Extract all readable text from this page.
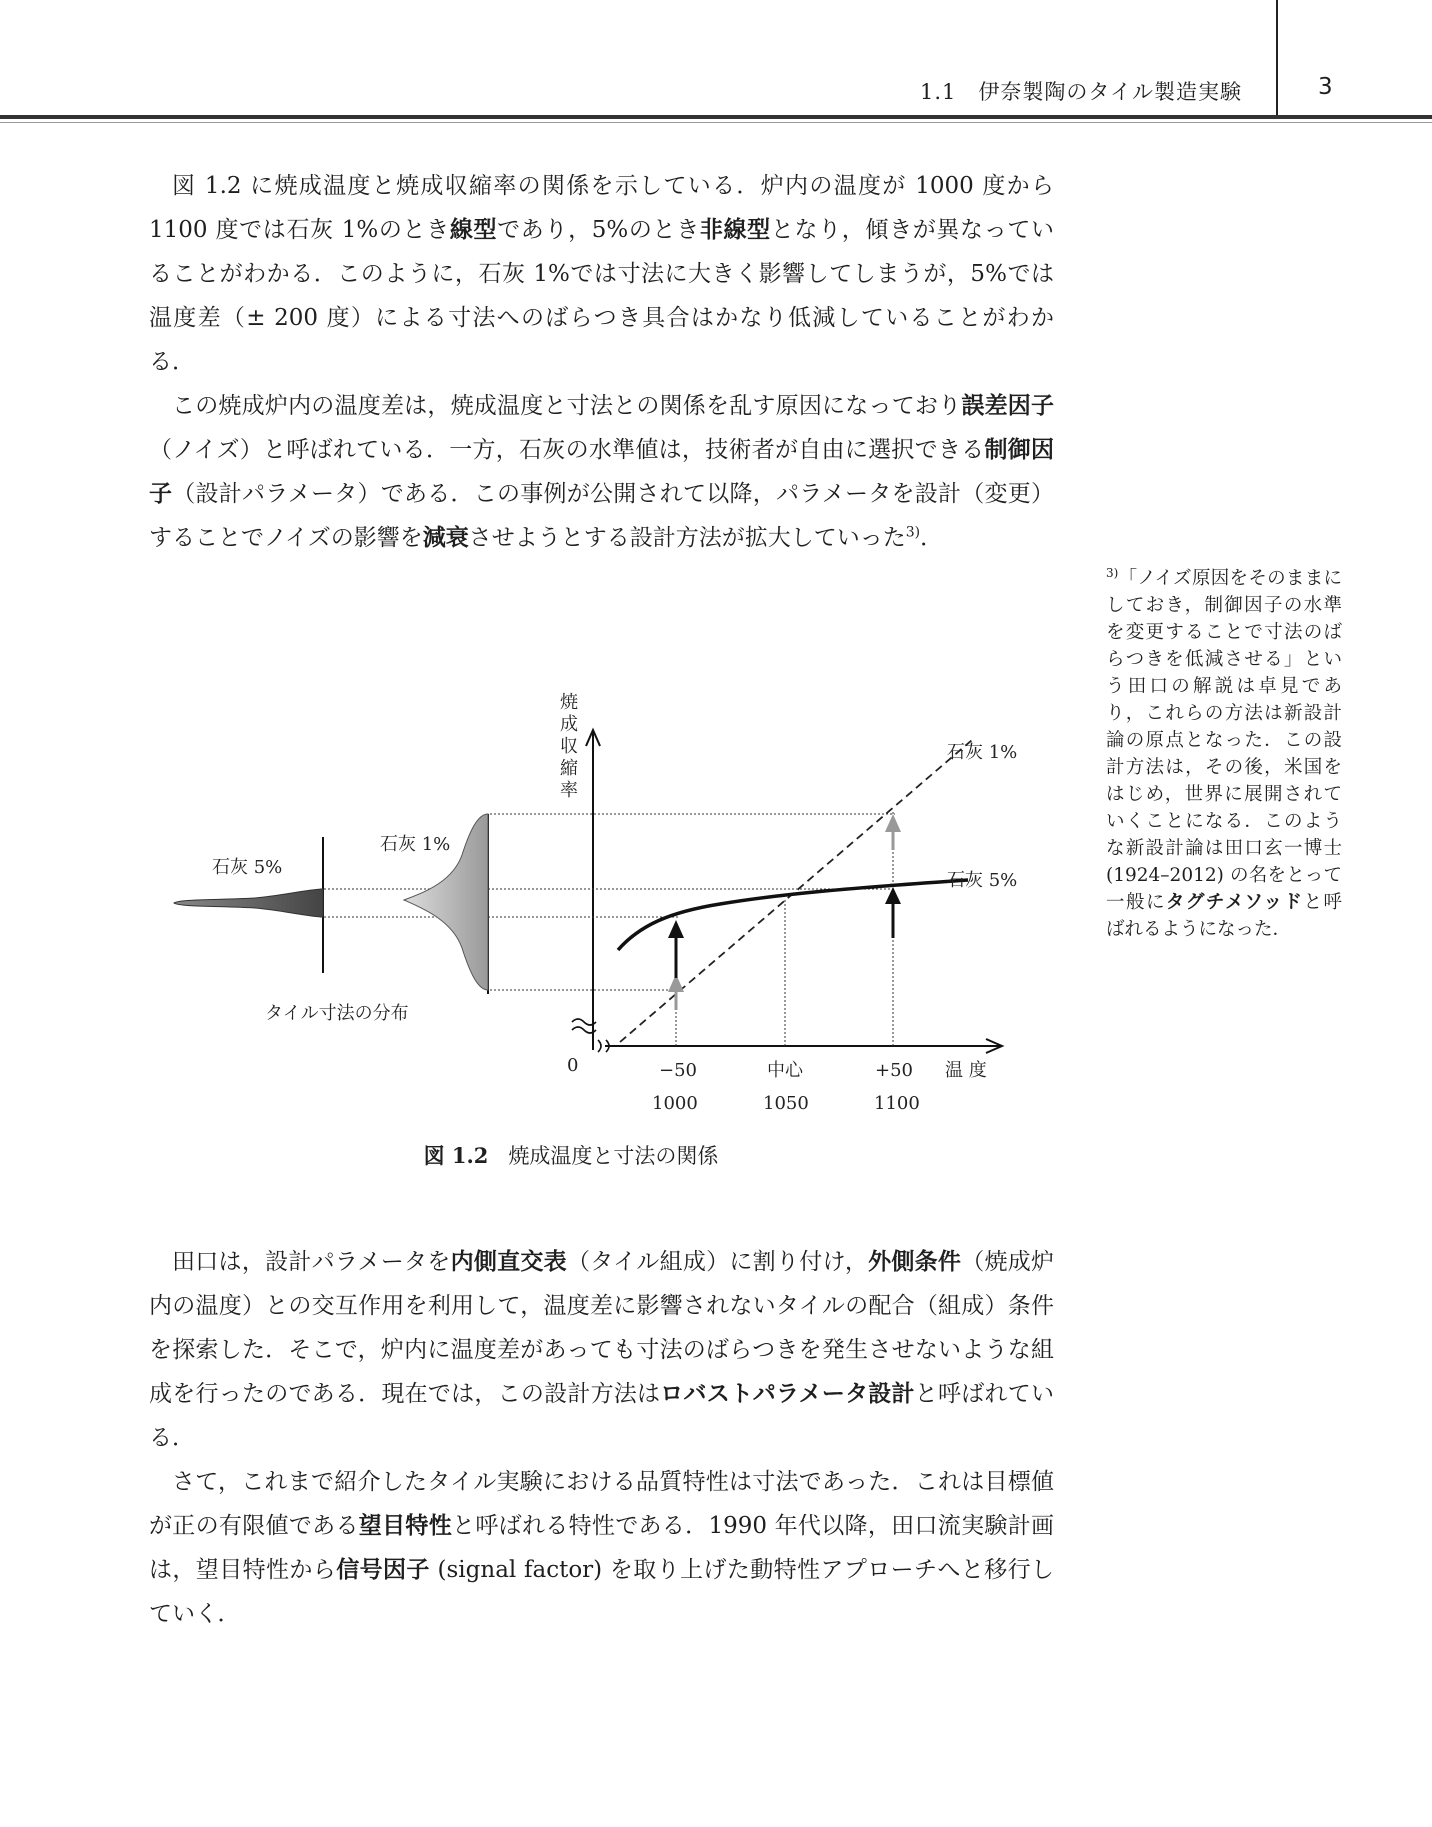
1.1　伊奈製陶のタイル製造実験	3

図 1.2 に焼成温度と焼成収縮率の関係を示している．炉内の温度が 1000 度から 1100 度では石灰 1%のとき線型であり，5%のとき非線型となり，傾きが異なっていることがわかる．このように，石灰 1%では寸法に大きく影響してしまうが，5%では温度差（± 200 度）による寸法へのばらつき具合はかなり低減していることがわかる．

この焼成炉内の温度差は，焼成温度と寸法との関係を乱す原因になっており誤差因子（ノイズ）と呼ばれている．一方，石灰の水準値は，技術者が自由に選択できる制御因子（設計パラメータ）である．この事例が公開されて以降，パラメータを設計（変更）することでノイズの影響を減衰させようとする設計方法が拡大していった$^{3)}$．

$^{3)}$「ノイズ原因をそのままにしておき，制御因子の水準を変更することで寸法のばらつきを低減させる」という田口の解説は卓見であり，これらの方法は新設計論の原点となった．この設計方法は，その後，米国をはじめ，世界に展開されていくことになる．このような新設計論は田口玄一博士 (1924–2012) の名をとって一般にタグチメソッドと呼ばれるようになった．
焼
成
収
縮
率
0	−50	中心	+50
1000	1050	1100
温 度
石灰 1%
石灰 5%
石灰 1%
石灰 5%
タイル寸法の分布
図 1.2 焼成温度と寸法の関係

田口は，設計パラメータを内側直交表（タイル組成）に割り付け，外側条件（焼成炉内の温度）との交互作用を利用して，温度差に影響されないタイルの配合（組成）条件を探索した．そこで，炉内に温度差があっても寸法のばらつきを発生させないような組成を行ったのである．現在では，この設計方法はロバストパラメータ設計と呼ばれている．

さて，これまで紹介したタイル実験における品質特性は寸法であった．これは目標値が正の有限値である望目特性と呼ばれる特性である．1990 年代以降，田口流実験計画は，望目特性から信号因子 (signal factor) を取り上げた動特性アプローチへと移行していく．
